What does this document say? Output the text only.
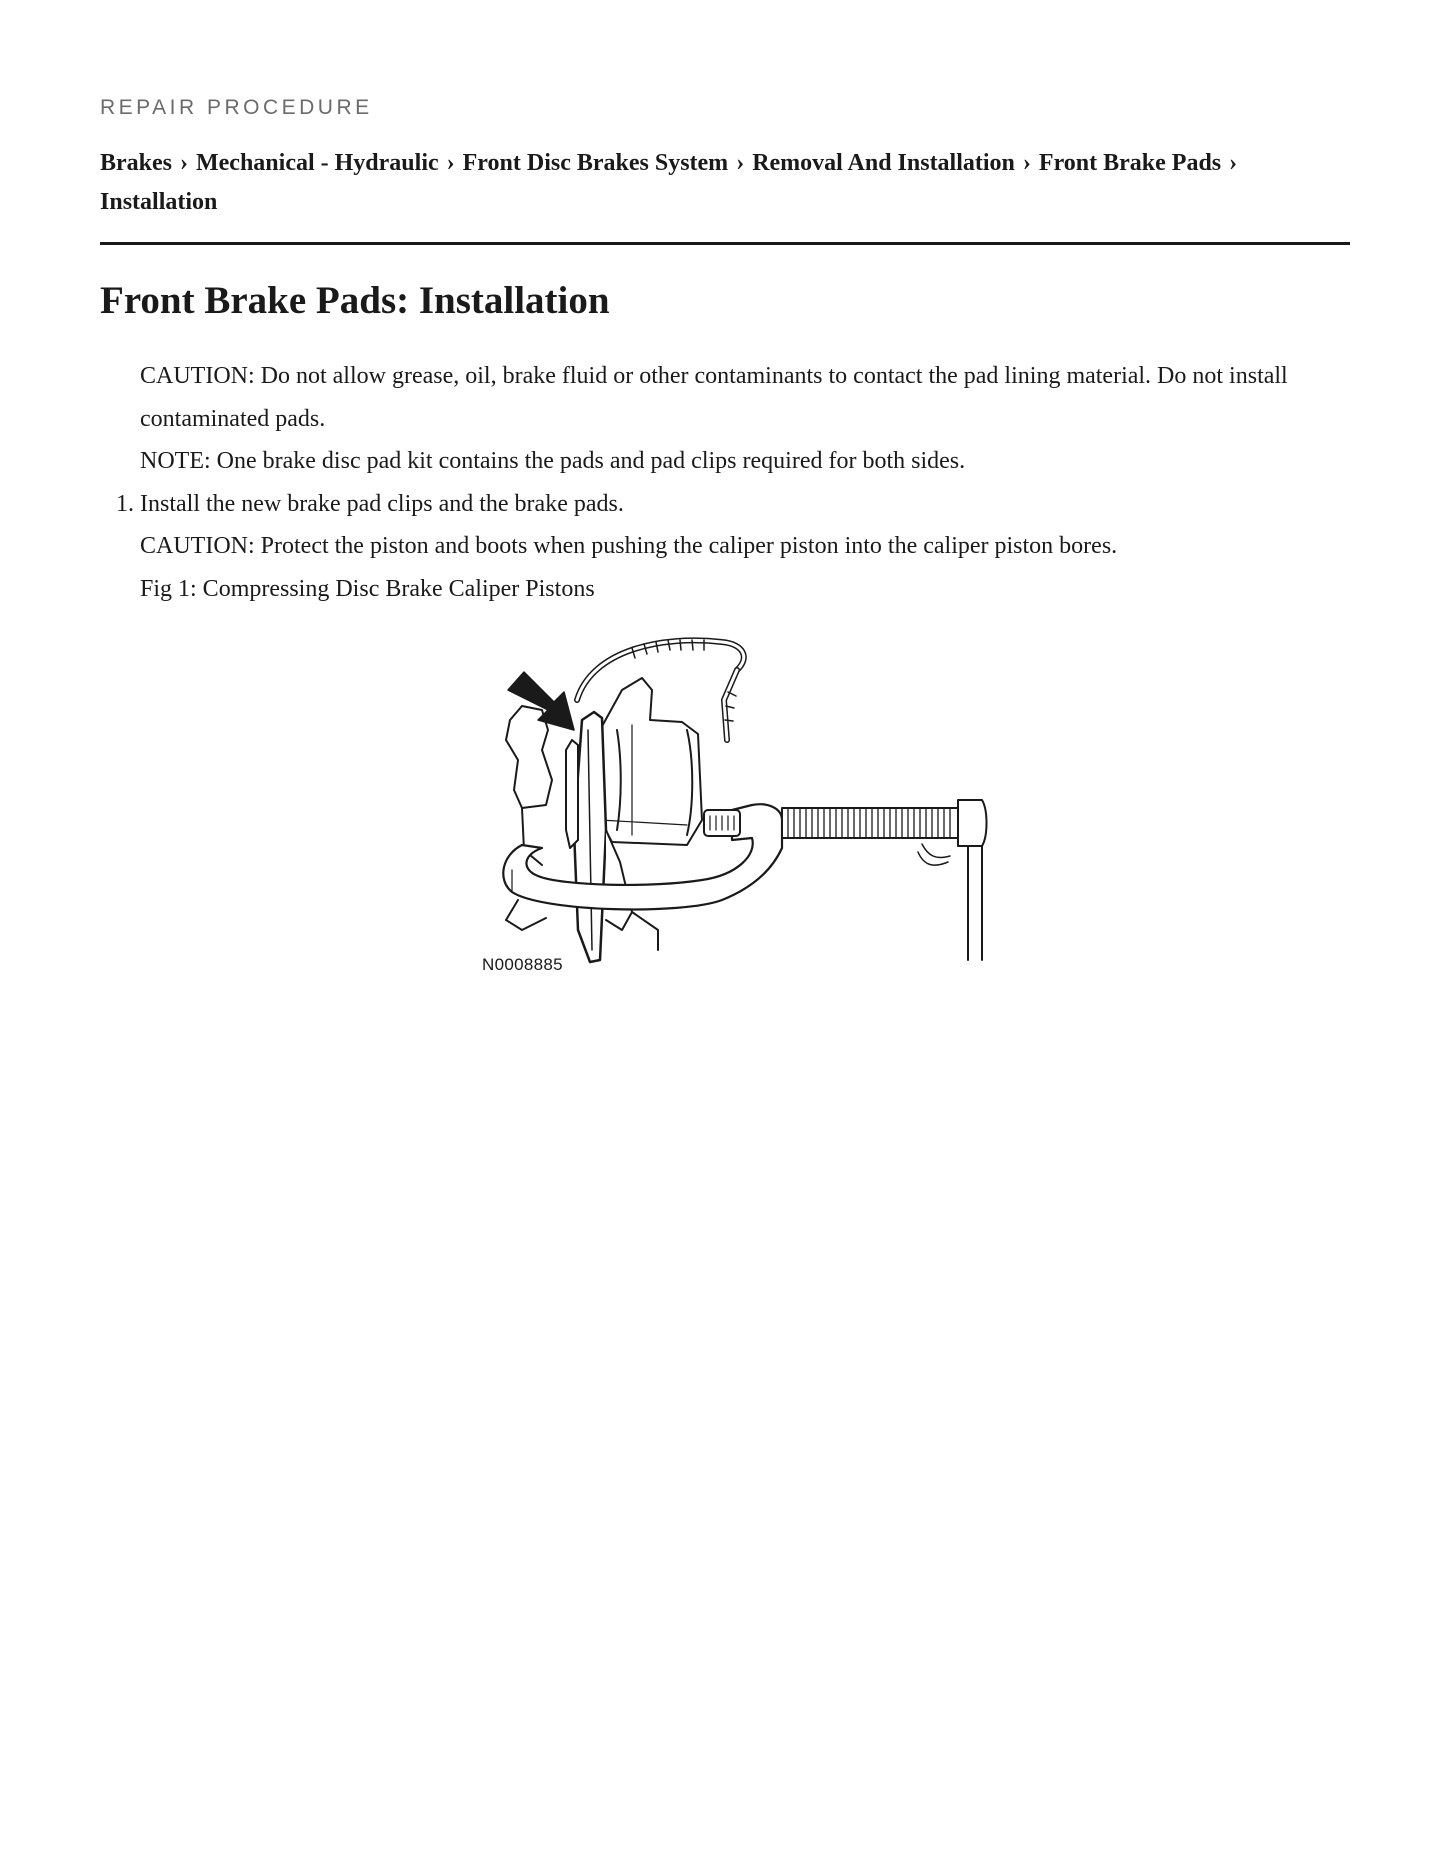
REPAIR PROCEDURE
Brakes › Mechanical - Hydraulic › Front Disc Brakes System › Removal And Installation › Front Brake Pads › Installation
Front Brake Pads: Installation

CAUTION: Do not allow grease, oil, brake fluid or other contaminants to contact the pad lining material. Do not install contaminated pads.

NOTE: One brake disc pad kit contains the pads and pad clips required for both sides.

1. Install the new brake pad clips and the brake pads.

CAUTION: Protect the piston and boots when pushing the caliper piston into the caliper piston bores.

Fig 1: Compressing Disc Brake Caliper Pistons

N0008885
